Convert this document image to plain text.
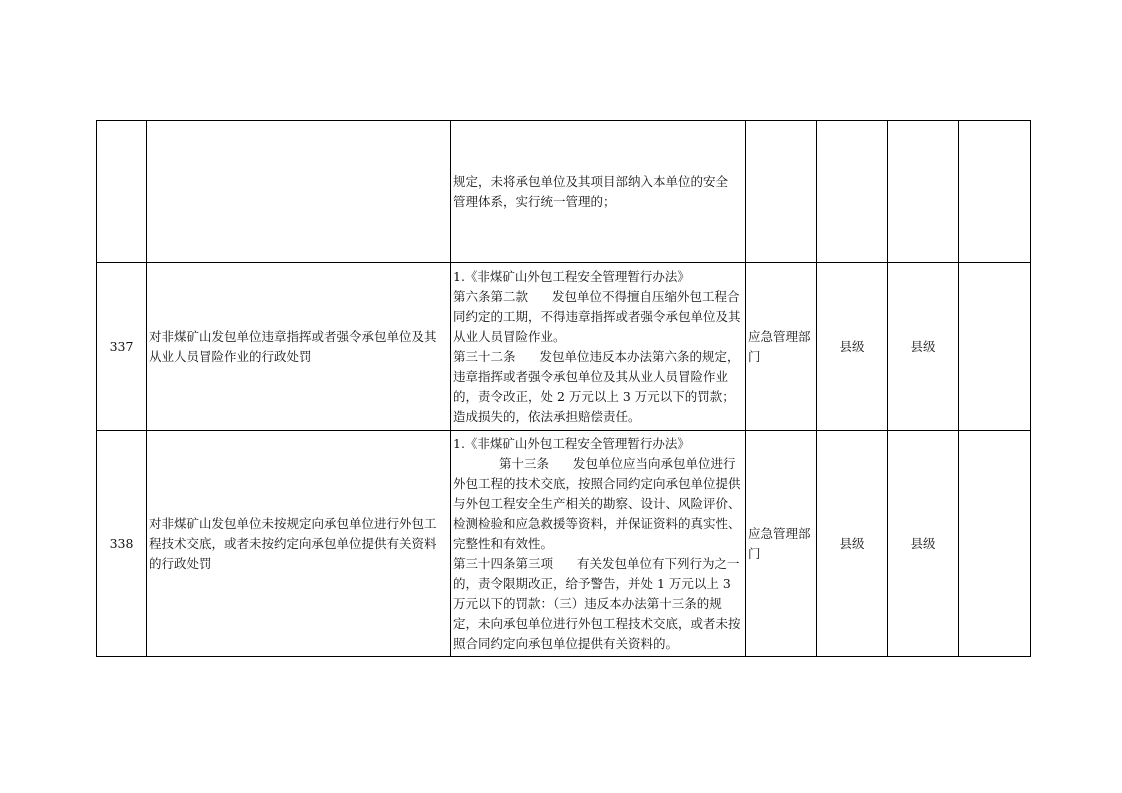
		规定，未将承包单位及其项目部纳入本单位的安全
管理体系，实行统一管理的；				

337	对非煤矿山发包单位违章指挥或者强令承包单位及其从业人员冒险作业的行政处罚	1.《非煤矿山外包工程安全管理暂行办法》
第六条第二款 发包单位不得擅自压缩外包工程合同约定的工期，不得违章指挥或者强令承包单位及其从业人员冒险作业。
第三十二条 发包单位违反本办法第六条的规定，违章指挥或者强令承包单位及其从业人员冒险作业的，责令改正，处 2 万元以上 3 万元以下的罚款；造成损失的，依法承担赔偿责任。	应急管理部门	县级	县级	
338	对非煤矿山发包单位未按规定向承包单位进行外包工程技术交底，或者未按约定向承包单位提供有关资料的行政处罚	1.《非煤矿山外包工程安全管理暂行办法》
第十三条 发包单位应当向承包单位进行外包工程的技术交底，按照合同约定向承包单位提供与外包工程安全生产相关的勘察、设计、风险评价、检测检验和应急救援等资料，并保证资料的真实性、完整性和有效性。
第三十四条第三项 有关发包单位有下列行为之一的，责令限期改正，给予警告，并处 1 万元以上 3 万元以下的罚款：（三）违反本办法第十三条的规定，未向承包单位进行外包工程技术交底，或者未按照合同约定向承包单位提供有关资料的。	应急管理部门	县级	县级	
